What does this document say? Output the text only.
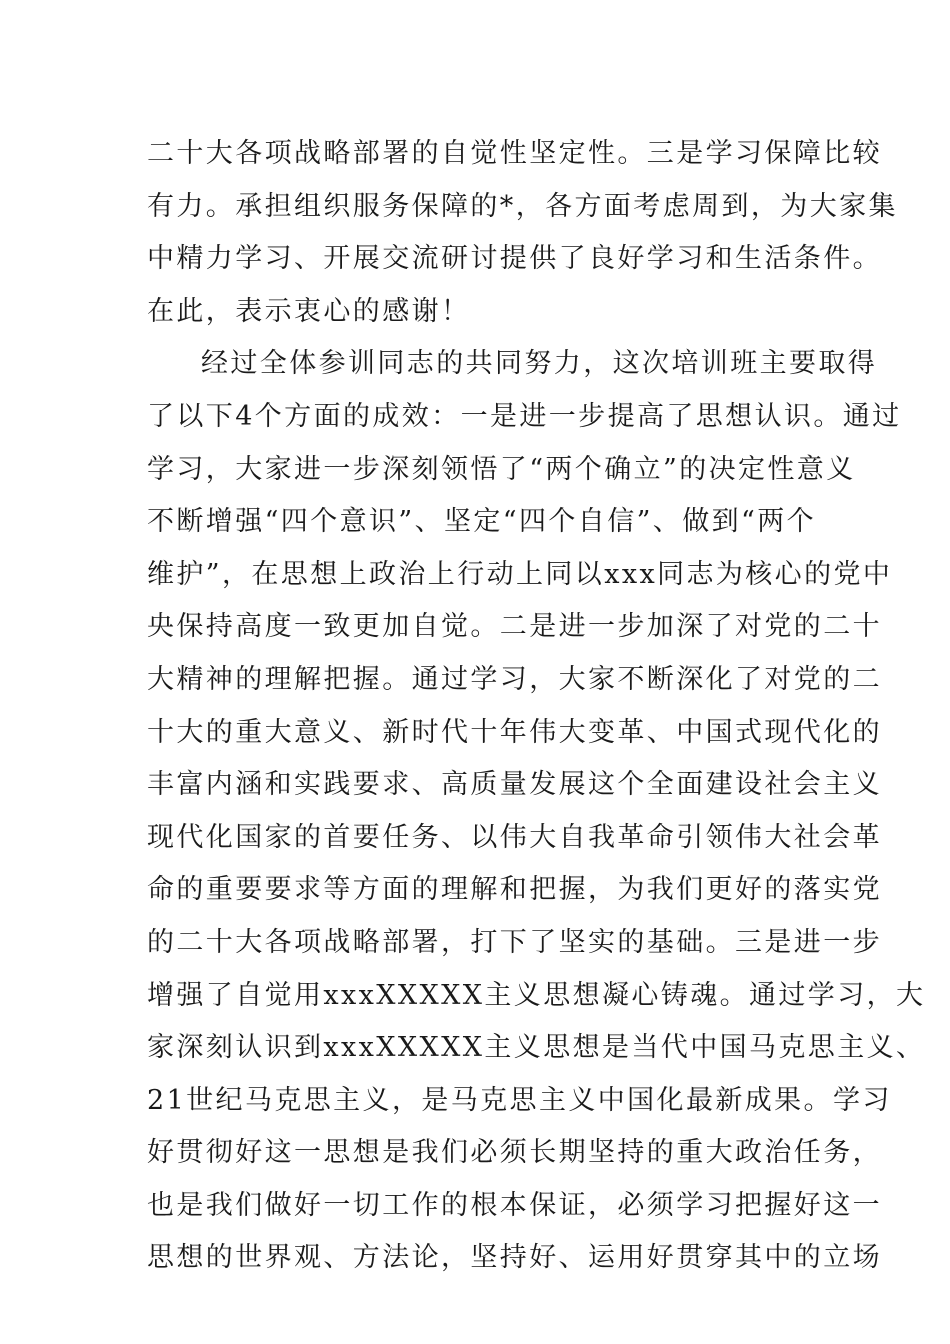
二十大各项战略部署的自觉性坚定性。三是学习保障比较
有力。承担组织服务保障的*，各方面考虑周到，为大家集
中精力学习、开展交流研讨提供了良好学习和生活条件。
在此，表示衷心的感谢！
经过全体参训同志的共同努力，这次培训班主要取得
了以下4个方面的成效：一是进一步提高了思想认识。通过
学习，大家进一步深刻领悟了“两个确立”的决定性意义
不断增强“四个意识”、坚定“四个自信”、做到“两个
维护”，在思想上政治上行动上同以xxx同志为核心的党中
央保持高度一致更加自觉。二是进一步加深了对党的二十
大精神的理解把握。通过学习，大家不断深化了对党的二
十大的重大意义、新时代十年伟大变革、中国式现代化的
丰富内涵和实践要求、高质量发展这个全面建设社会主义
现代化国家的首要任务、以伟大自我革命引领伟大社会革
命的重要要求等方面的理解和把握，为我们更好的落实党
的二十大各项战略部署，打下了坚实的基础。三是进一步
增强了自觉用xxxXXXXX主义思想凝心铸魂。通过学习，大
家深刻认识到xxxXXXXX主义思想是当代中国马克思主义、
21世纪马克思主义，是马克思主义中国化最新成果。学习
好贯彻好这一思想是我们必须长期坚持的重大政治任务，
也是我们做好一切工作的根本保证，必须学习把握好这一
思想的世界观、方法论，坚持好、运用好贯穿其中的立场
